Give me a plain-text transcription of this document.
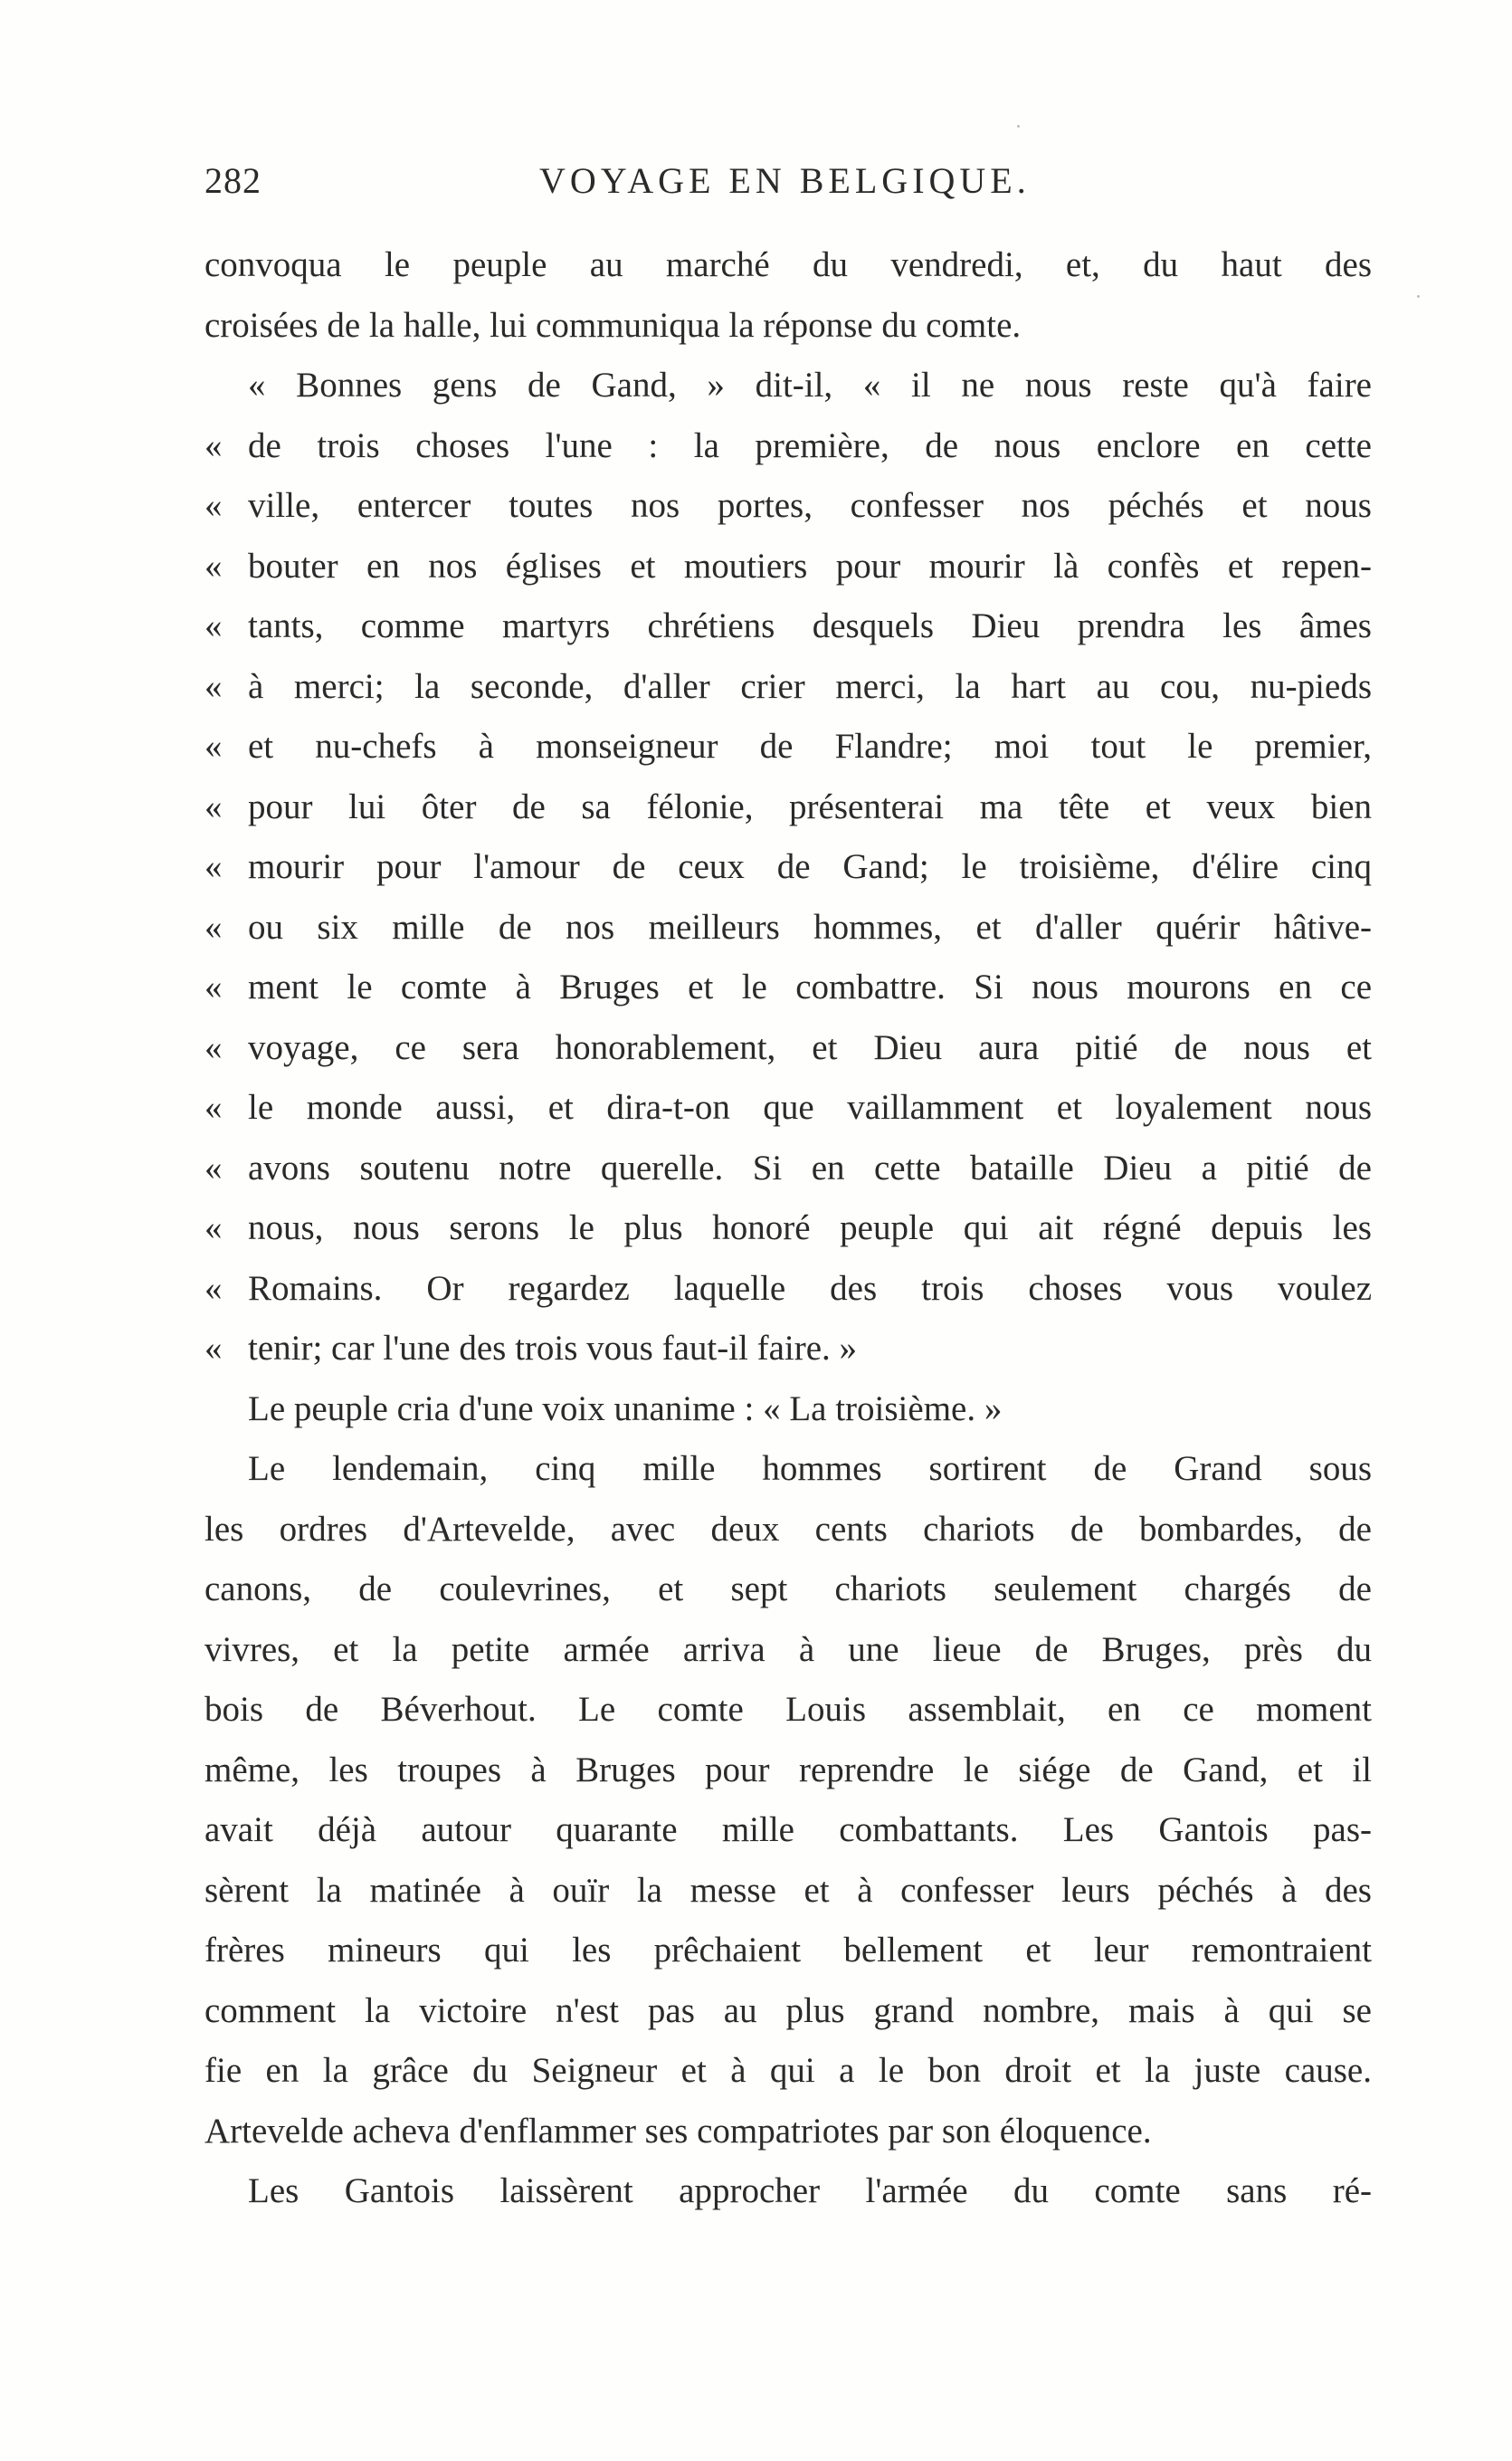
282	VOYAGE EN BELGIQUE.
convoqua le peuple au marché du vendredi, et, du haut des
croisées de la halle, lui communiqua la réponse du comte.
« Bonnes gens de Gand, » dit-il, « il ne nous reste qu'à faire
« de trois choses l'une : la première, de nous enclore en cette
« ville, entercer toutes nos portes, confesser nos péchés et nous
« bouter en nos églises et moutiers pour mourir là confès et repen-
« tants, comme martyrs chrétiens desquels Dieu prendra les âmes
« à merci; la seconde, d'aller crier merci, la hart au cou, nu-pieds
« et nu-chefs à monseigneur de Flandre; moi tout le premier,
« pour lui ôter de sa félonie, présenterai ma tête et veux bien
« mourir pour l'amour de ceux de Gand; le troisième, d'élire cinq
« ou six mille de nos meilleurs hommes, et d'aller quérir hâtive-
« ment le comte à Bruges et le combattre. Si nous mourons en ce
« voyage, ce sera honorablement, et Dieu aura pitié de nous et
« le monde aussi, et dira-t-on que vaillamment et loyalement nous
« avons soutenu notre querelle. Si en cette bataille Dieu a pitié de
« nous, nous serons le plus honoré peuple qui ait régné depuis les
« Romains. Or regardez laquelle des trois choses vous voulez
« tenir; car l'une des trois vous faut-il faire. »
Le peuple cria d'une voix unanime : « La troisième. »
Le lendemain, cinq mille hommes sortirent de Grand sous
les ordres d'Artevelde, avec deux cents chariots de bombardes, de
canons, de coulevrines, et sept chariots seulement chargés de
vivres, et la petite armée arriva à une lieue de Bruges, près du
bois de Béverhout. Le comte Louis assemblait, en ce moment
même, les troupes à Bruges pour reprendre le siége de Gand, et il
avait déjà autour quarante mille combattants. Les Gantois pas-
sèrent la matinée à ouïr la messe et à confesser leurs péchés à des
frères mineurs qui les prêchaient bellement et leur remontraient
comment la victoire n'est pas au plus grand nombre, mais à qui se
fie en la grâce du Seigneur et à qui a le bon droit et la juste cause.
Artevelde acheva d'enflammer ses compatriotes par son éloquence.
Les Gantois laissèrent approcher l'armée du comte sans ré-
